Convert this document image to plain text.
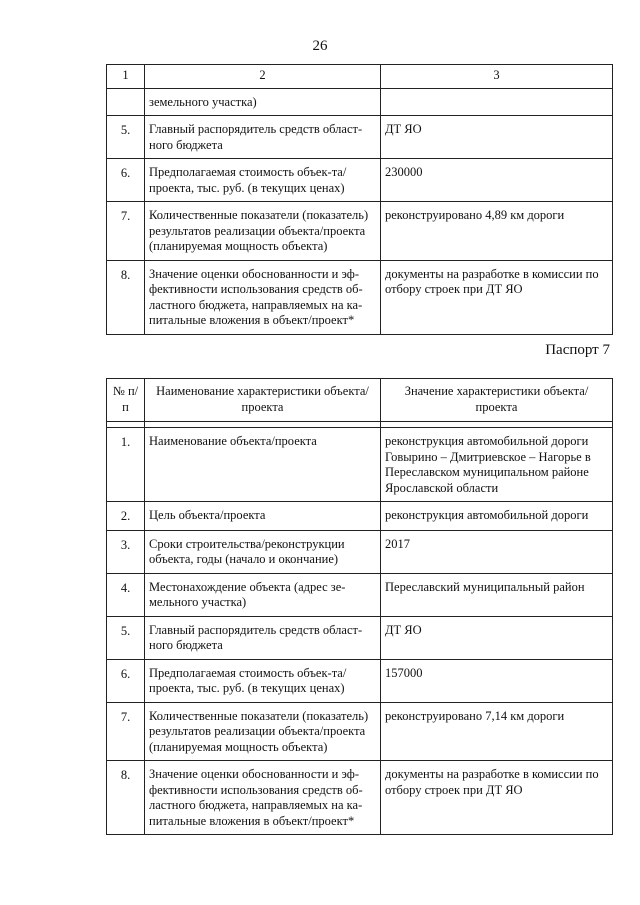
26
1	2	3
	земельного участка)	
5.	Главный распорядитель средств област-ного бюджета	ДТ ЯО
6.	Предполагаемая стоимость объек-та/проекта, тыс. руб. (в текущих ценах)	230000
7.	Количественные показатели (показатель) результатов реализации объекта/проекта (планируемая мощность объекта)	реконструировано 4,89 км дороги
8.	Значение оценки обоснованности и эф-фективности использования средств об-ластного бюджета, направляемых на ка-питальные вложения в объект/проект*	документы на разработке в комиссии по отбору строек при ДТ ЯО
Паспорт 7
№ п/п	Наименование характеристики объекта/проекта	Значение характеристики объекта/проекта

1.	Наименование объекта/проекта	реконструкция автомобильной дороги Говырино – Дмитриевское – Нагорье в Переславском муниципальном районе Ярославской области
2.	Цель объекта/проекта	реконструкция автомобильной дороги
3.	Сроки строительства/реконструкции объекта, годы (начало и окончание)	2017
4.	Местонахождение объекта (адрес зе-мельного участка)	Переславский муниципальный район
5.	Главный распорядитель средств област-ного бюджета	ДТ ЯО
6.	Предполагаемая стоимость объек-та/проекта, тыс. руб. (в текущих ценах)	157000
7.	Количественные показатели (показатель) результатов реализации объекта/проекта (планируемая мощность объекта)	реконструировано 7,14 км дороги
8.	Значение оценки обоснованности и эф-фективности использования средств об-ластного бюджета, направляемых на ка-питальные вложения в объект/проект*	документы на разработке в комиссии по отбору строек при ДТ ЯО
